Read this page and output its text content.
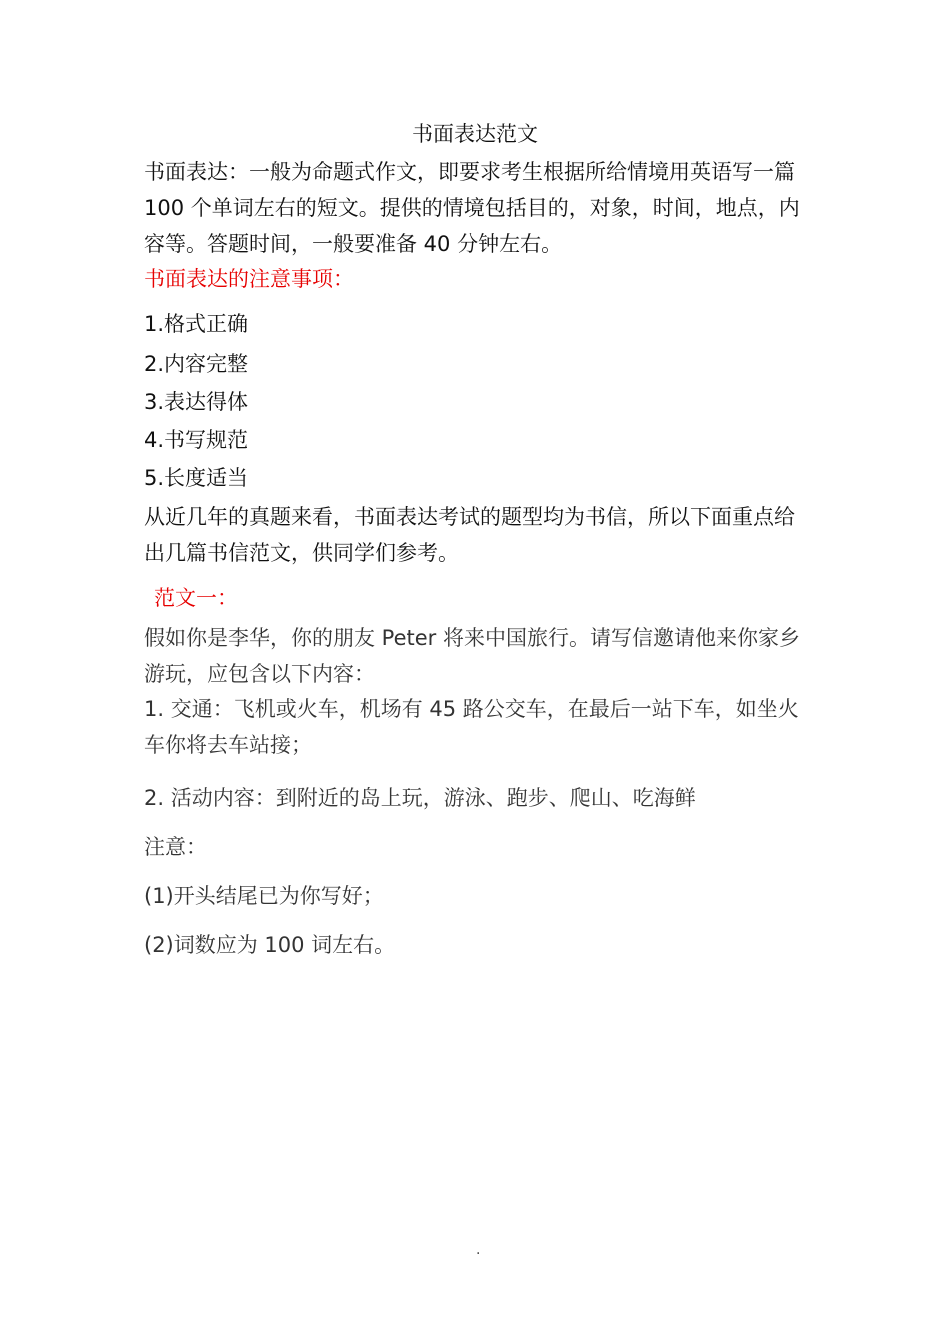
书面表达范文
书面表达：一般为命题式作文，即要求考生根据所给情境用英语写一篇 100 个单词左右的短文。提供的情境包括目的，对象，时间，地点，内容等。答题时间，一般要准备 40 分钟左右。
书面表达的注意事项：
1.格式正确
2.内容完整
3.表达得体
4.书写规范
5.长度适当
从近几年的真题来看，书面表达考试的题型均为书信，所以下面重点给出几篇书信范文，供同学们参考。
范文一：
假如你是李华，你的朋友 Peter 将来中国旅行。请写信邀请他来你家乡游玩，应包含以下内容：
1. 交通：飞机或火车，机场有 45 路公交车，在最后一站下车，如坐火车你将去车站接；
2. 活动内容：到附近的岛上玩，游泳、跑步、爬山、吃海鲜
注意：
(1)开头结尾已为你写好；
(2)词数应为 100 词左右。
·
